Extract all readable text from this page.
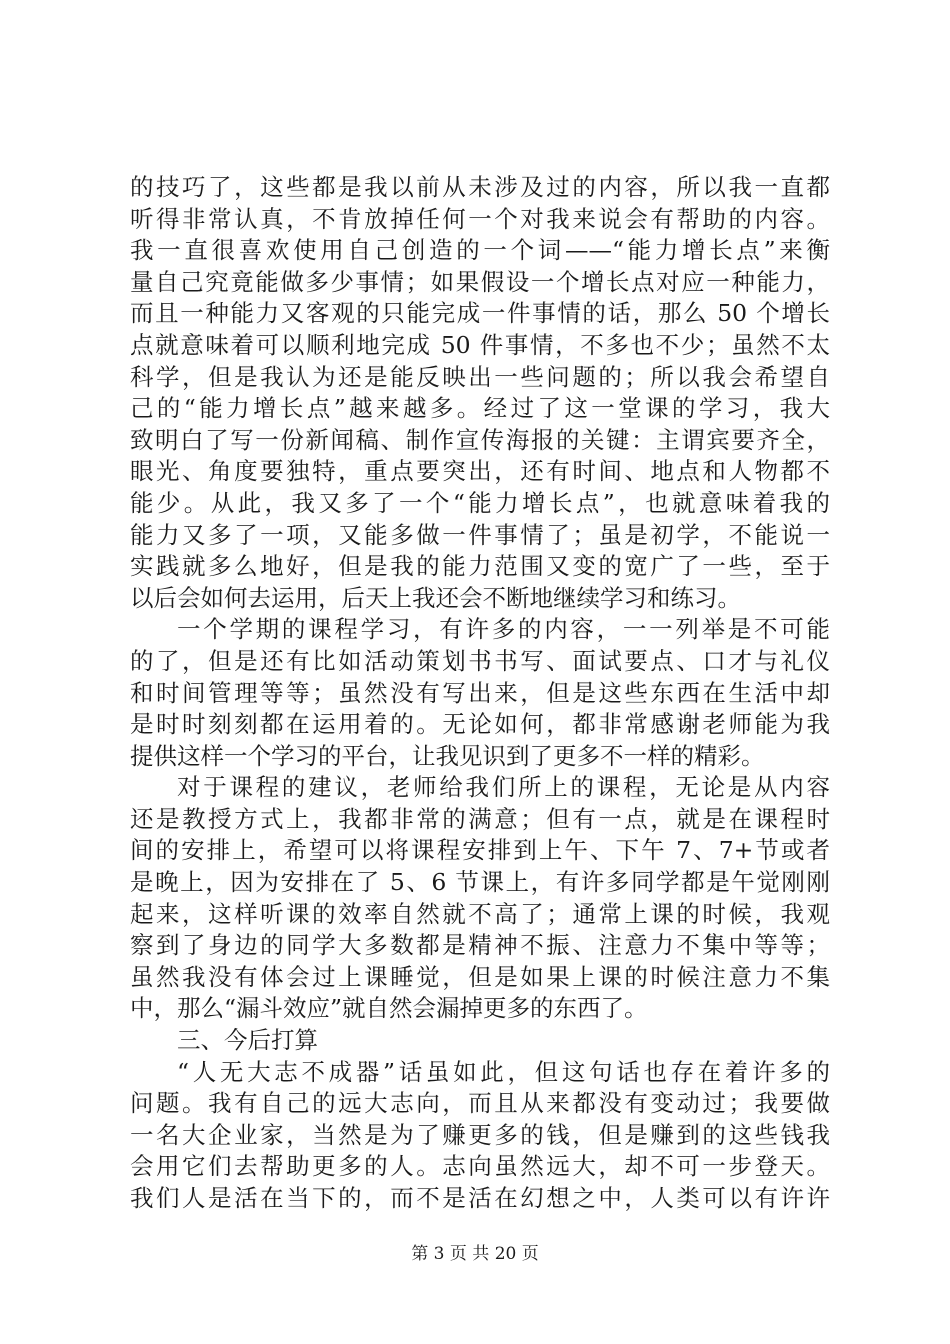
的技巧了，这些都是我以前从未涉及过的内容，所以我一直都
听得非常认真，不肯放掉任何一个对我来说会有帮助的内容。
我一直很喜欢使用自己创造的一个词——“能力增长点”来衡
量自己究竟能做多少事情；如果假设一个增长点对应一种能力，
而且一种能力又客观的只能完成一件事情的话，那么 50 个增长
点就意味着可以顺利地完成 50 件事情，不多也不少；虽然不太
科学，但是我认为还是能反映出一些问题的；所以我会希望自
己的“能力增长点”越来越多。经过了这一堂课的学习，我大
致明白了写一份新闻稿、制作宣传海报的关键：主谓宾要齐全，
眼光、角度要独特，重点要突出，还有时间、地点和人物都不
能少。从此，我又多了一个“能力增长点”，也就意味着我的
能力又多了一项，又能多做一件事情了；虽是初学，不能说一
实践就多么地好，但是我的能力范围又变的宽广了一些，至于
以后会如何去运用，后天上我还会不断地继续学习和练习。
一个学期的课程学习，有许多的内容，一一列举是不可能
的了，但是还有比如活动策划书书写、面试要点、口才与礼仪
和时间管理等等；虽然没有写出来，但是这些东西在生活中却
是时时刻刻都在运用着的。无论如何，都非常感谢老师能为我
提供这样一个学习的平台，让我见识到了更多不一样的精彩。
对于课程的建议，老师给我们所上的课程，无论是从内容
还是教授方式上，我都非常的满意；但有一点，就是在课程时
间的安排上，希望可以将课程安排到上午、下午 7、7+节或者
是晚上，因为安排在了 5、6 节课上，有许多同学都是午觉刚刚
起来，这样听课的效率自然就不高了；通常上课的时候，我观
察到了身边的同学大多数都是精神不振、注意力不集中等等；
虽然我没有体会过上课睡觉，但是如果上课的时候注意力不集
中，那么“漏斗效应”就自然会漏掉更多的东西了。
三、今后打算
“人无大志不成器”话虽如此，但这句话也存在着许多的
问题。我有自己的远大志向，而且从来都没有变动过；我要做
一名大企业家，当然是为了赚更多的钱，但是赚到的这些钱我
会用它们去帮助更多的人。志向虽然远大，却不可一步登天。
我们人是活在当下的，而不是活在幻想之中，人类可以有许许
第 3 页 共 20 页
